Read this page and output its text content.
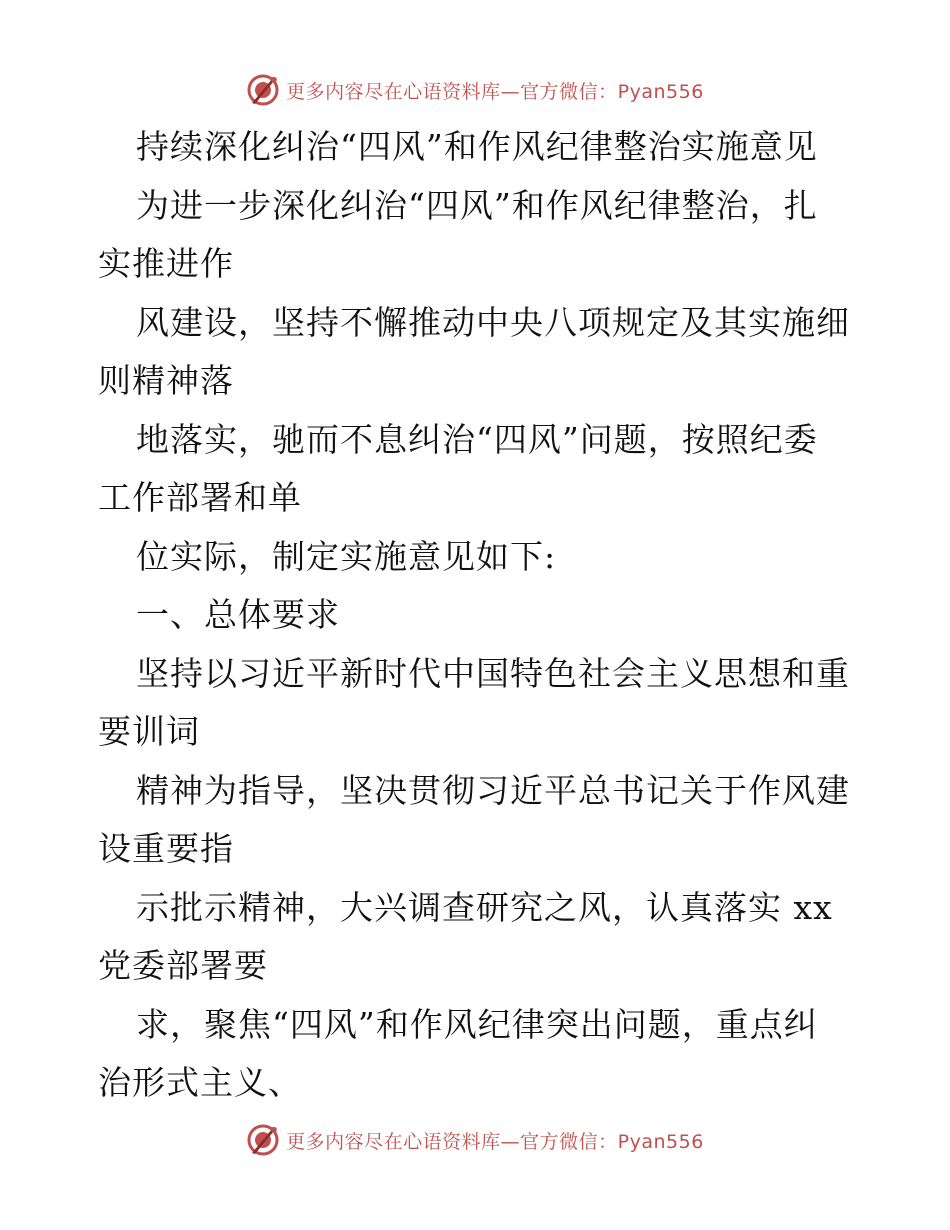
更多内容尽在心语资料库—官方微信：Pyan556
持续深化纠治“四风”和作风纪律整治实施意见
为进一步深化纠治“四风”和作风纪律整治，扎
实推进作
风建设，坚持不懈推动中央八项规定及其实施细
则精神落
地落实，驰而不息纠治“四风”问题，按照纪委
工作部署和单
位实际，制定实施意见如下:
一、总体要求
坚持以习近平新时代中国特色社会主义思想和重
要训词
精神为指导，坚决贯彻习近平总书记关于作风建
设重要指
示批示精神，大兴调查研究之风，认真落实 xx
党委部署要
求，聚焦“四风”和作风纪律突出问题，重点纠
治形式主义、
更多内容尽在心语资料库—官方微信：Pyan556
